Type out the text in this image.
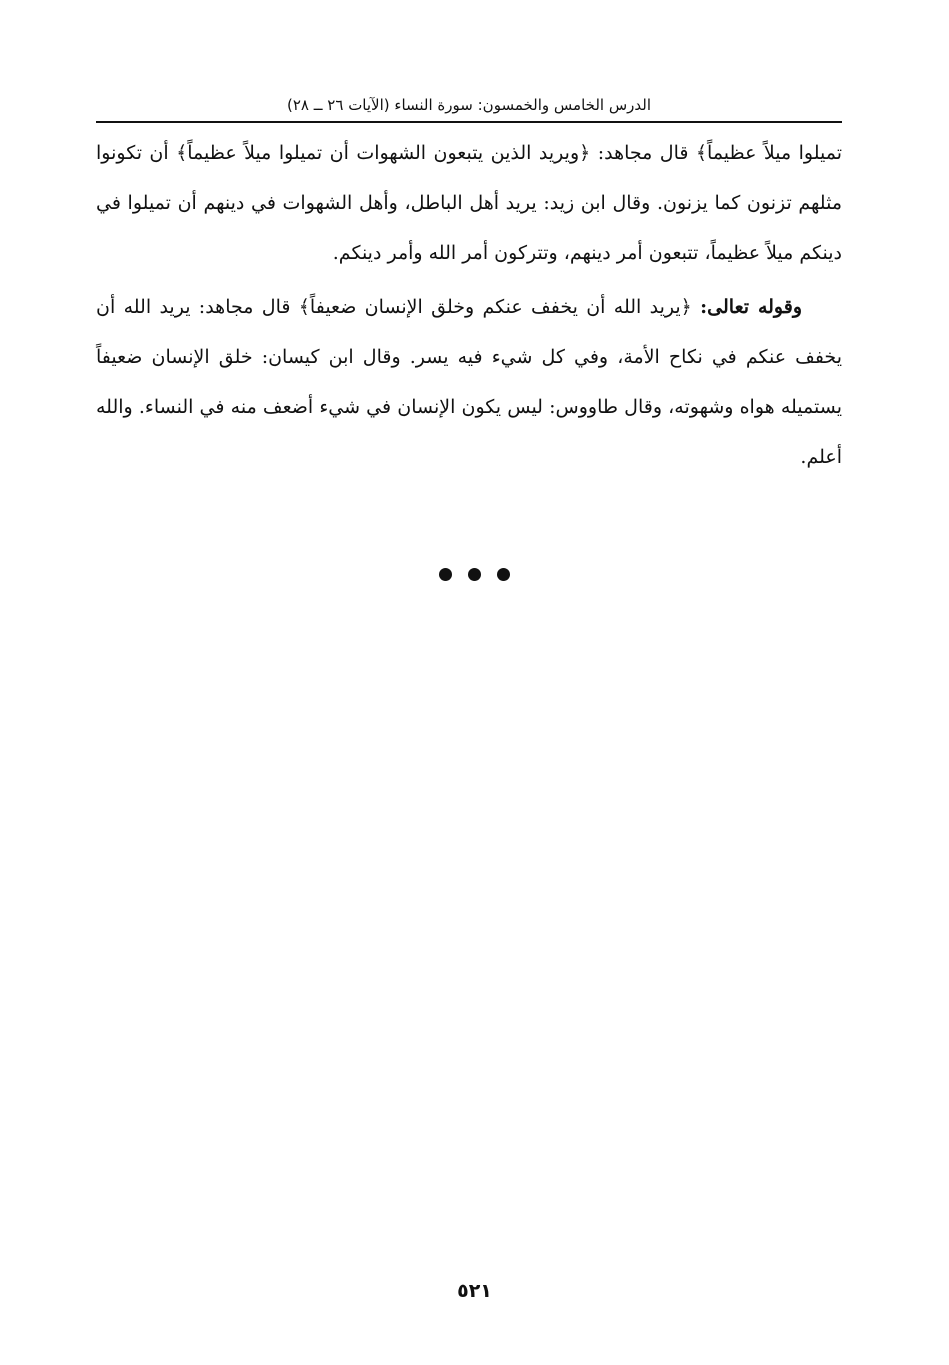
الدرس الخامس والخمسون: سورة النساء (الآيات ٢٦ ــ ٢٨)

تميلوا ميلاً عظيماً﴾ قال مجاهد: ﴿ويريد الذين يتبعون الشهوات أن تميلوا ميلاً عظيماً﴾ أن تكونوا مثلهم تزنون كما يزنون. وقال ابن زيد: يريد أهل الباطل، وأهل الشهوات في دينهم أن تميلوا في دينكم ميلاً عظيماً، تتبعون أمر دينهم، وتتركون أمر الله وأمر دينكم.

وقوله تعالى: ﴿يريد الله أن يخفف عنكم وخلق الإنسان ضعيفاً﴾ قال مجاهد: يريد الله أن يخفف عنكم في نكاح الأمة، وفي كل شيء فيه يسر. وقال ابن كيسان: خلق الإنسان ضعيفاً يستميله هواه وشهوته، وقال طاووس: ليس يكون الإنسان في شيء أضعف منه في النساء. والله أعلم.

٥٢١
